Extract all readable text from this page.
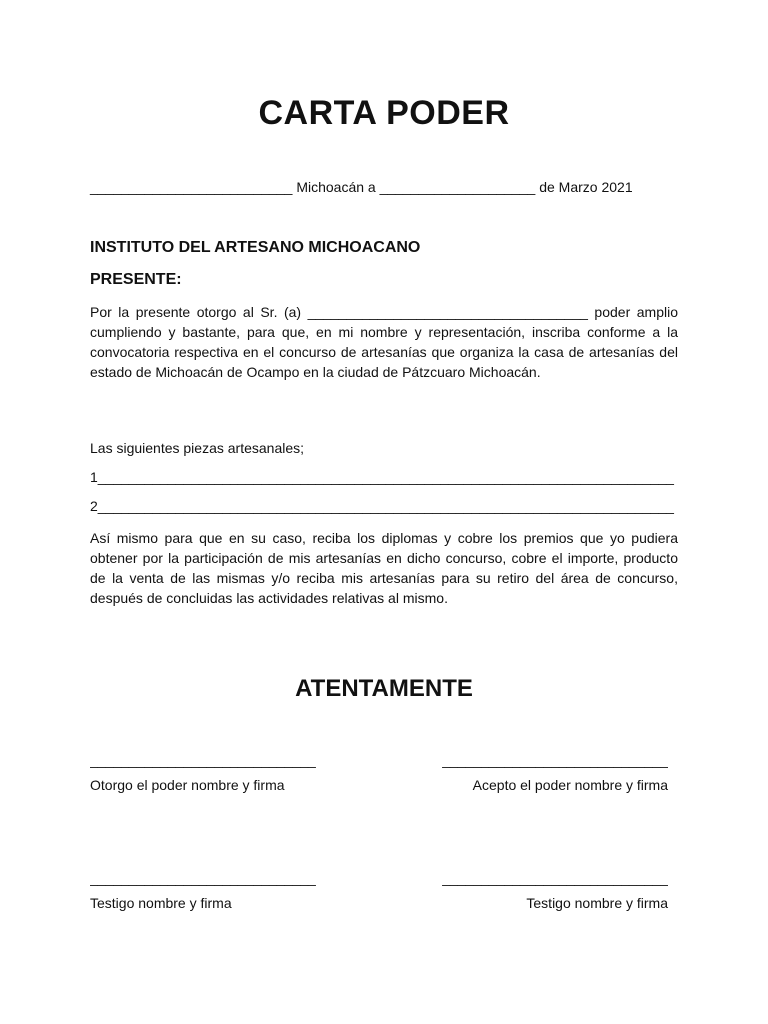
CARTA PODER
__________________________ Michoacán a ____________________ de Marzo 2021
INSTITUTO DEL ARTESANO MICHOACANO
PRESENTE:
Por la presente otorgo al Sr. (a) ____________________________________ poder amplio cumpliendo y bastante, para que, en mi nombre y representación, inscriba conforme a la convocatoria respectiva en el concurso de artesanías que organiza la casa de artesanías del estado de Michoacán de Ocampo en la ciudad de Pátzcuaro Michoacán.
Las siguientes piezas artesanales;
1__________________________________________________________________________
2__________________________________________________________________________
Así mismo para que en su caso, reciba los diplomas y cobre los premios que yo pudiera obtener por la participación de mis artesanías en dicho concurso, cobre el importe, producto de la venta de las mismas y/o reciba mis artesanías para su retiro del área de concurso, después de concluidas las actividades relativas al mismo.
ATENTAMENTE
_____________________________
Otorgo el poder nombre y firma
_____________________________
Acepto el poder nombre y firma
_____________________________
Testigo nombre y firma
_____________________________
Testigo nombre y firma
